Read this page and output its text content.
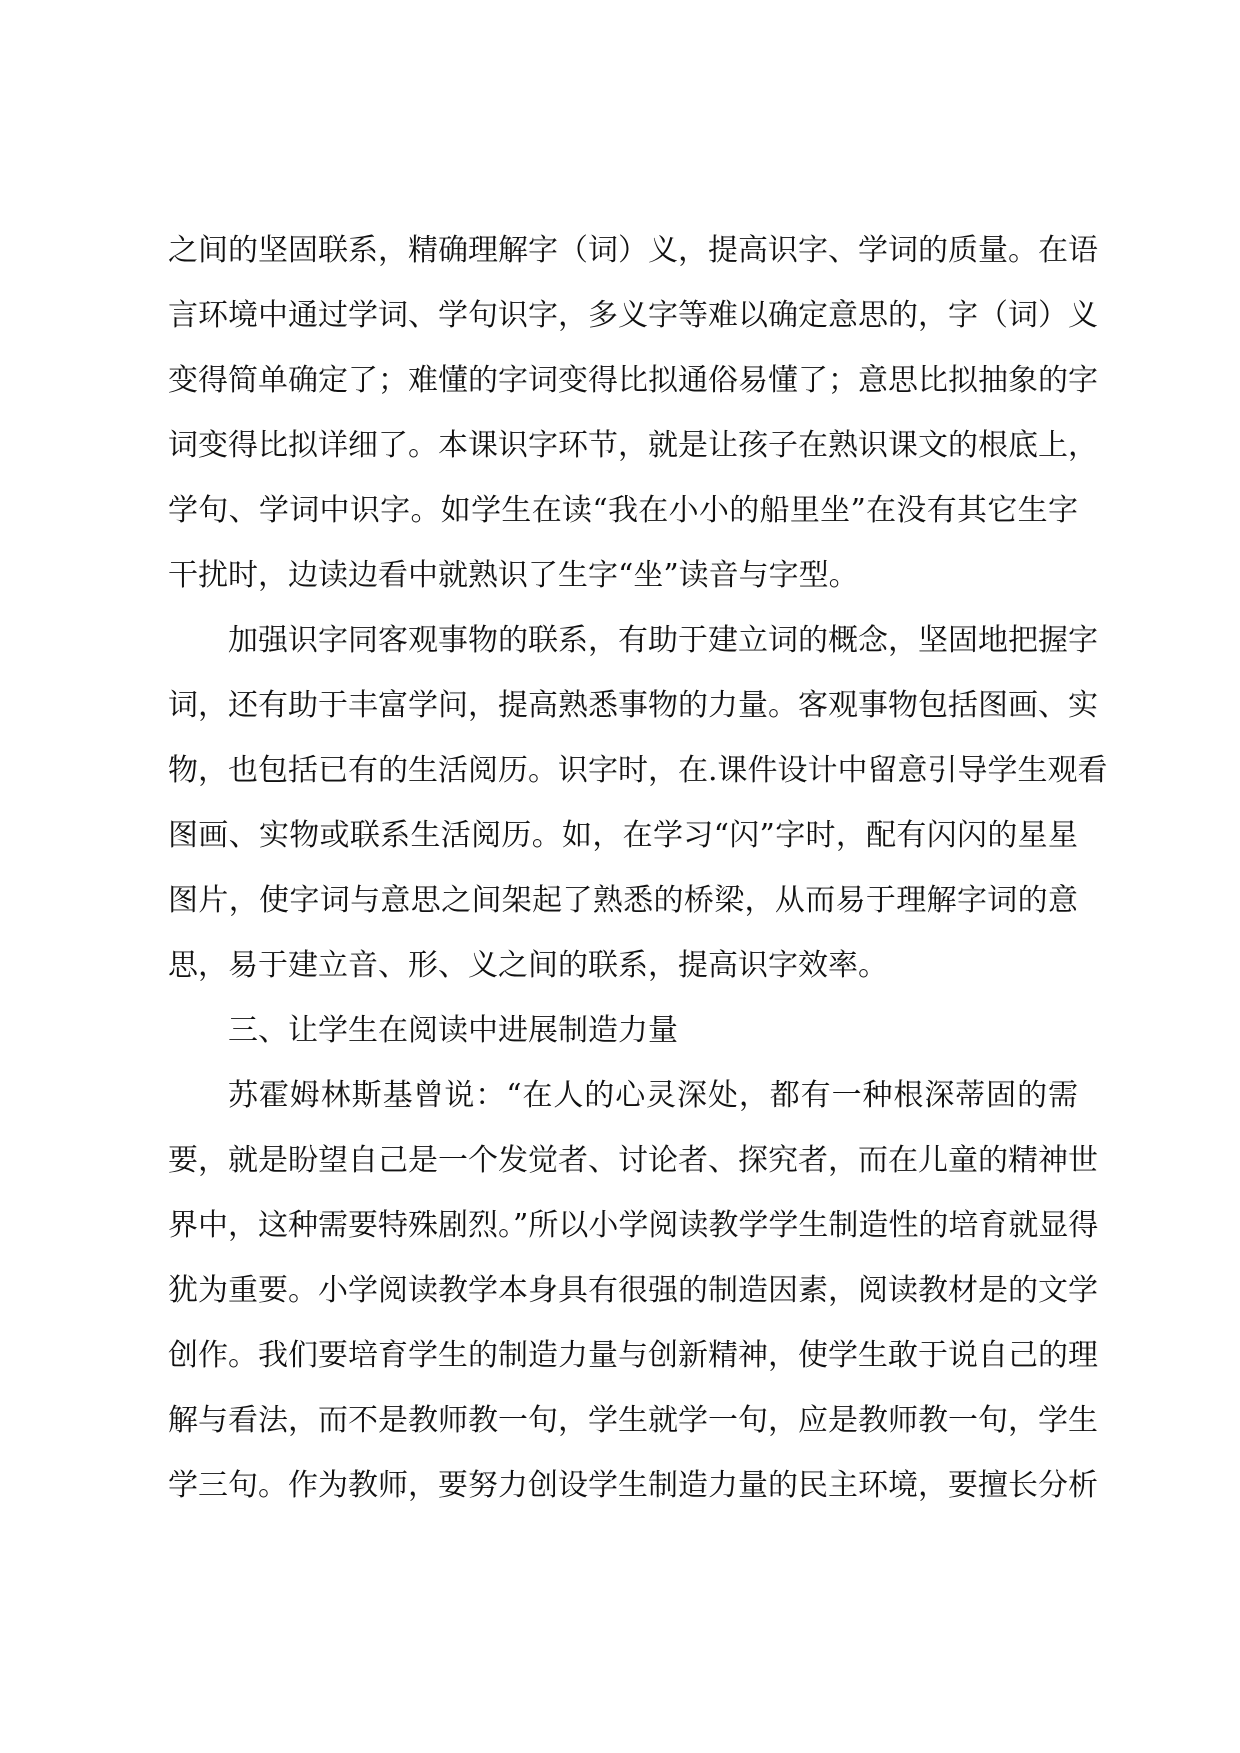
之间的坚固联系，精确理解字（词）义，提高识字、学词的质量。在语
言环境中通过学词、学句识字，多义字等难以确定意思的，字（词）义
变得简单确定了；难懂的字词变得比拟通俗易懂了；意思比拟抽象的字
词变得比拟详细了。本课识字环节，就是让孩子在熟识课文的根底上，
学句、学词中识字。如学生在读“我在小小的船里坐”在没有其它生字
干扰时，边读边看中就熟识了生字“坐”读音与字型。
加强识字同客观事物的联系，有助于建立词的概念，坚固地把握字
词，还有助于丰富学问，提高熟悉事物的力量。客观事物包括图画、实
物，也包括已有的生活阅历。识字时，在.课件设计中留意引导学生观看
图画、实物或联系生活阅历。如，在学习“闪”字时，配有闪闪的星星
图片，使字词与意思之间架起了熟悉的桥梁，从而易于理解字词的意
思，易于建立音、形、义之间的联系，提高识字效率。
三、让学生在阅读中进展制造力量
苏霍姆林斯基曾说：“在人的心灵深处，都有一种根深蒂固的需
要，就是盼望自己是一个发觉者、讨论者、探究者，而在儿童的精神世
界中，这种需要特殊剧烈。”所以小学阅读教学学生制造性的培育就显得
犹为重要。小学阅读教学本身具有很强的制造因素，阅读教材是的文学
创作。我们要培育学生的制造力量与创新精神，使学生敢于说自己的理
解与看法，而不是教师教一句，学生就学一句，应是教师教一句，学生
学三句。作为教师，要努力创设学生制造力量的民主环境，要擅长分析
